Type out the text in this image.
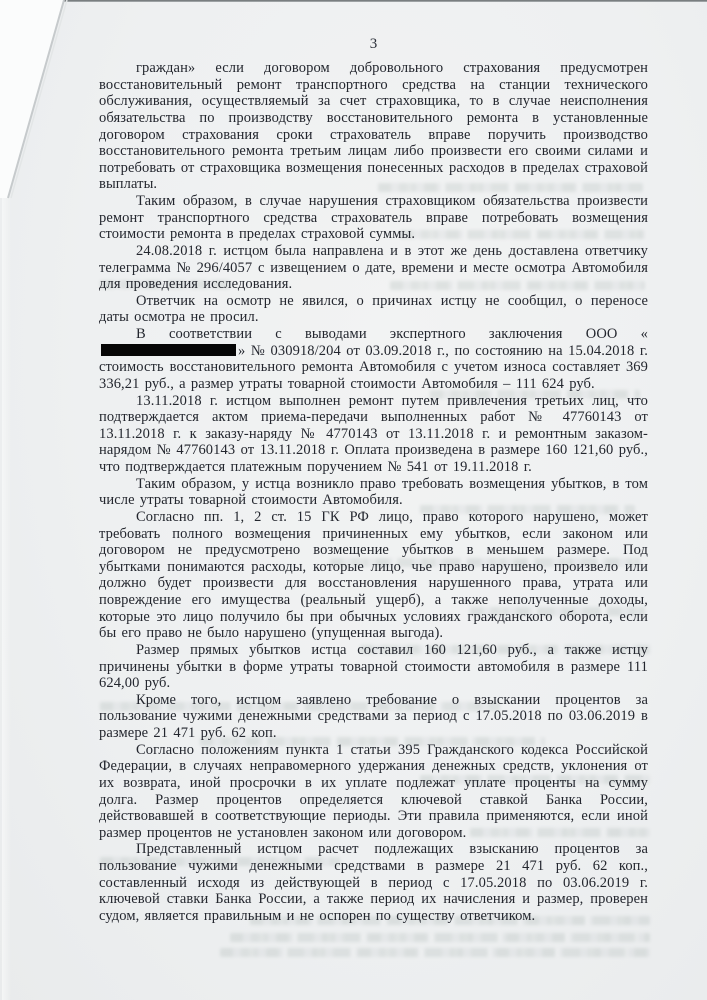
3

граждан» если договором добровольного страхования предусмотрен восстановительный ремонт транспортного средства на станции технического обслуживания, осуществляемый за счет страховщика, то в случае неисполнения обязательства по производству восстановительного ремонта в установленные договором страхования сроки страхователь вправе поручить производство восстановительного ремонта третьим лицам либо произвести его своими силами и потребовать от страховщика возмещения понесенных расходов в пределах страховой выплаты.

Таким образом, в случае нарушения страховщиком обязательства произвести ремонт транспортного средства страхователь вправе потребовать возмещения стоимости ремонта в пределах страховой суммы.

24.08.2018 г. истцом была направлена и в этот же день доставлена ответчику телеграмма № 296/4057 с извещением о дате, времени и месте осмотра Автомобиля для проведения исследования.

Ответчик на осмотр не явился, о причинах истцу не сообщил, о переносе даты осмотра не просил.

В соответствии с выводами экспертного заключения ООО «» № 030918/204 от 03.09.2018 г., по состоянию на 15.04.2018 г. стоимость восстановительного ремонта Автомобиля с учетом износа составляет 369 336,21 руб., а размер утраты товарной стоимости Автомобиля – 111 624 руб.

13.11.2018 г. истцом выполнен ремонт путем привлечения третьих лиц, что подтверждается актом приема-передачи выполненных работ № 47760143 от 13.11.2018 г. к заказу-наряду № 4770143 от 13.11.2018 г. и ремонтным заказом-нарядом № 47760143 от 13.11.2018 г. Оплата произведена в размере 160 121,60 руб., что подтверждается платежным поручением № 541 от 19.11.2018 г.

Таким образом, у истца возникло право требовать возмещения убытков, в том числе утраты товарной стоимости Автомобиля.

Согласно пп. 1, 2 ст. 15 ГК РФ лицо, право которого нарушено, может требовать полного возмещения причиненных ему убытков, если законом или договором не предусмотрено возмещение убытков в меньшем размере. Под убытками понимаются расходы, которые лицо, чье право нарушено, произвело или должно будет произвести для восстановления нарушенного права, утрата или повреждение его имущества (реальный ущерб), а также неполученные доходы, которые это лицо получило бы при обычных условиях гражданского оборота, если бы его право не было нарушено (упущенная выгода).

Размер прямых убытков истца составил 160 121,60 руб., а также истцу причинены убытки в форме утраты товарной стоимости автомобиля в размере 111 624,00 руб.

Кроме того, истцом заявлено требование о взыскании процентов за пользование чужими денежными средствами за период с 17.05.2018 по 03.06.2019 в размере 21 471 руб. 62 коп.

Согласно положениям пункта 1 статьи 395 Гражданского кодекса Российской Федерации, в случаях неправомерного удержания денежных средств, уклонения от их возврата, иной просрочки в их уплате подлежат уплате проценты на сумму долга. Размер процентов определяется ключевой ставкой Банка России, действовавшей в соответствующие периоды. Эти правила применяются, если иной размер процентов не установлен законом или договором.

Представленный истцом расчет подлежащих взысканию процентов за пользование чужими денежными средствами в размере 21 471 руб. 62 коп., составленный исходя из действующей в период с 17.05.2018 по 03.06.2019 г. ключевой ставки Банка России, а также период их начисления и размер, проверен судом, является правильным и не оспорен по существу ответчиком.
